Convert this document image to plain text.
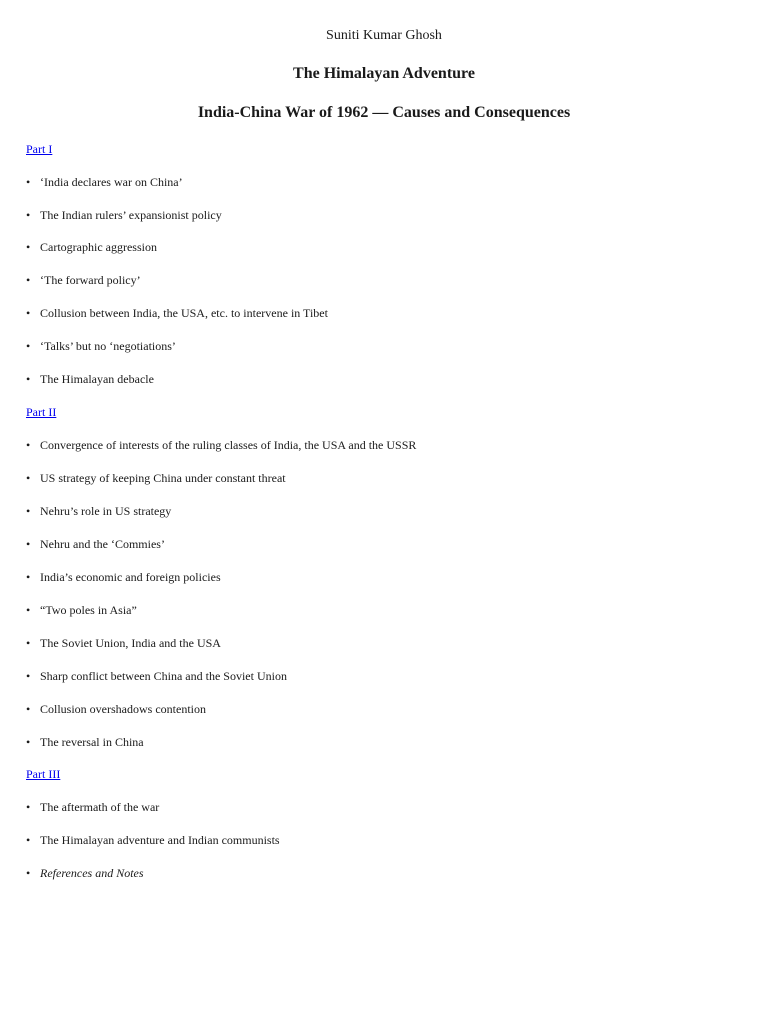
Suniti Kumar Ghosh
The Himalayan Adventure
India-China War of 1962 — Causes and Consequences
Part I
• ‘India declares war on China’
• The Indian rulers’ expansionist policy
• Cartographic aggression
• ‘The forward policy’
• Collusion between India, the USA, etc. to intervene in Tibet
• ‘Talks’ but no ‘negotiations’
• The Himalayan debacle
Part II
• Convergence of interests of the ruling classes of India, the USA and the USSR
• US strategy of keeping China under constant threat
• Nehru’s role in US strategy
• Nehru and the ‘Commies’
• India’s economic and foreign policies
• “Two poles in Asia”
• The Soviet Union, India and the USA
• Sharp conflict between China and the Soviet Union
• Collusion overshadows contention
• The reversal in China
Part III
• The aftermath of the war
• The Himalayan adventure and Indian communists
• References and Notes
